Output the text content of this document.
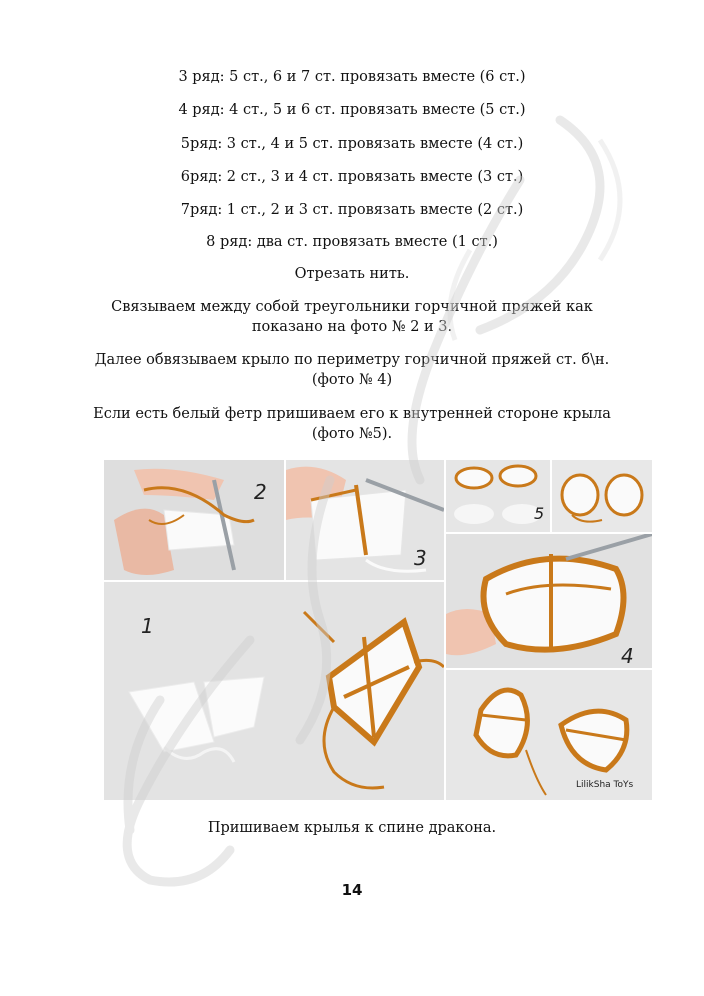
3 ряд: 5 ст., 6 и 7 ст. провязать вместе (6 ст.)
4 ряд: 4 ст., 5 и 6 ст. провязать вместе (5 ст.)
5ряд: 3 ст., 4 и 5 ст. провязать вместе (4 ст.)
6ряд: 2 ст., 3 и 4 ст. провязать вместе (3 ст.)
7ряд: 1 ст., 2 и 3 ст. провязать вместе (2 ст.)
8 ряд: два ст. провязать вместе (1 ст.)
Отрезать нить.
Связываем между собой треугольники горчичной пряжей как
показано на фото № 2 и 3.
Далее обвязываем крыло по периметру горчичной пряжей ст. б\н.
(фото № 4)
Если есть белый фетр пришиваем его к внутренней стороне крыла
(фото №5).
2
3
5
1
4
LilikSha ToYs
Пришиваем крылья к спине дракона.
14
